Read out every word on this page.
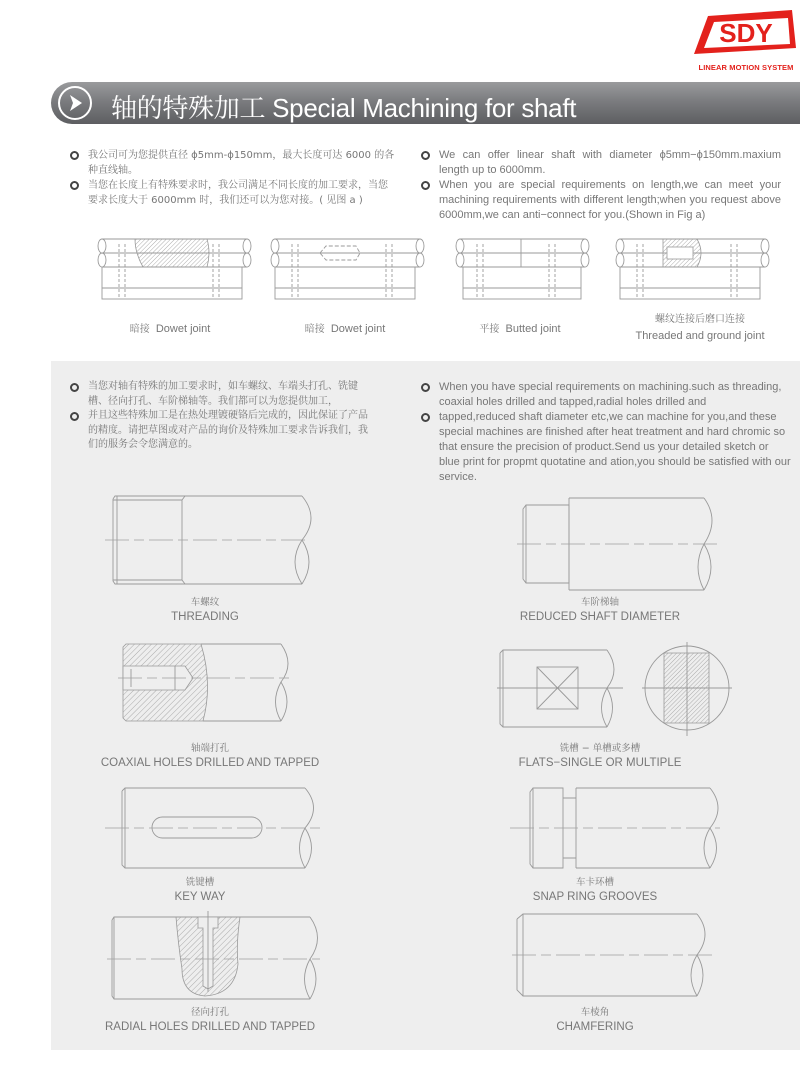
SDY
LINEAR MOTION SYSTEM
轴的特殊加工 Special Machining for shaft
我公司可为您提供直径 ϕ5mm-ϕ150mm，最大长度可达 6000 的各种直线轴。
当您在长度上有特殊要求时，我公司满足不同长度的加工要求，当您要求长度大于 6000mm 时，我们还可以为您对接。( 见图 a )
We can offer linear shaft with diameter ϕ5mm−ϕ150mm.maxium length up to 6000mm.
When you are special requirements on length,we can meet your machining requirements with different length;when you request above 6000mm,we can anti−connect for you.(Shown in Fig a)
暗接 Dowet joint	暗接 Dowet joint	平接 Butted joint
螺纹连接后磨口连接
Threaded and ground joint
当您对轴有特殊的加工要求时，如车螺纹、车端头打孔、铣键槽、径向打孔、车阶梯轴等。我们都可以为您提供加工，
并且这些特殊加工是在热处理镀硬铬后完成的，因此保证了产品的精度。请把草图或对产品的询价及特殊加工要求告诉我们，我们的服务会令您满意的。
When you have special requirements on machining.such as threading, coaxial holes drilled and tapped,radial holes drilled and
tapped,reduced shaft diameter etc,we can machine for you,and these special machines are finished after heat treatment and hard chromic so that ensure the precision of product.Send us your detailed sketch or blue print for propmt quotatine and ation,you should be satisfied with our service.
车螺纹
THREADING
车阶梯轴
REDUCED SHAFT DIAMETER
轴端打孔
COAXIAL HOLES DRILLED AND TAPPED
铣槽 − 单槽或多槽
FLATS−SINGLE OR MULTIPLE
铣键槽
KEY WAY
车卡环槽
SNAP RING GROOVES
径向打孔
RADIAL HOLES DRILLED AND TAPPED
车棱角
CHAMFERING
